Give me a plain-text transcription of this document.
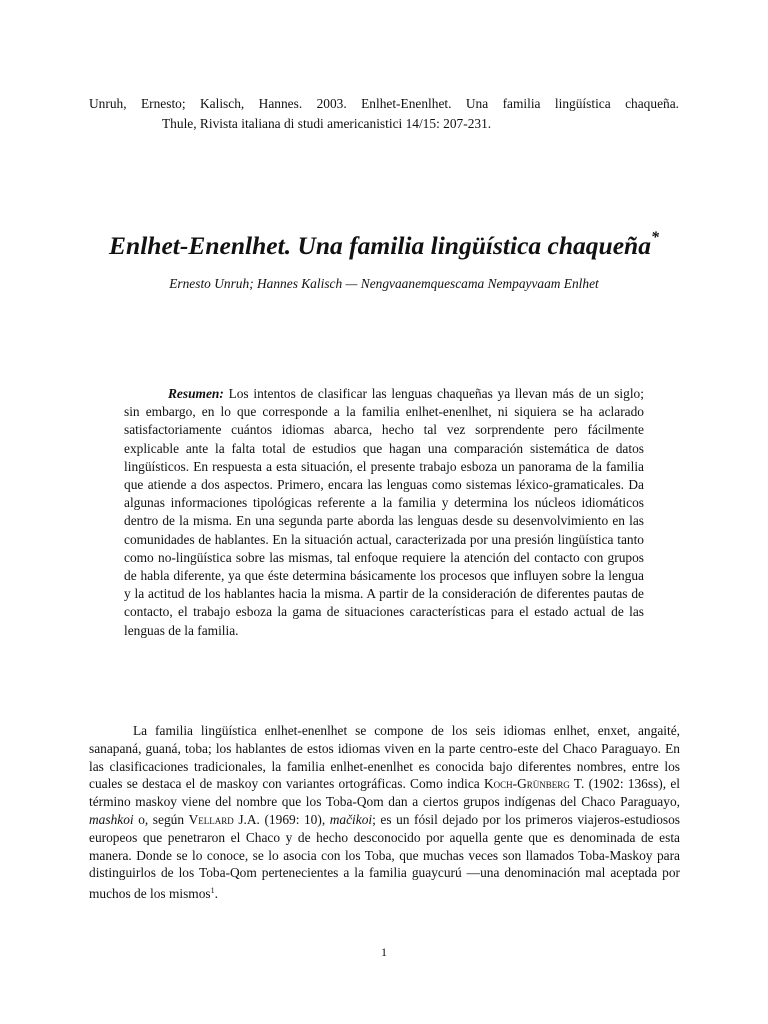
Unruh, Ernesto; Kalisch, Hannes. 2003. Enlhet-Enenlhet. Una familia lingüística chaqueña.
Thule, Rivista italiana di studi americanistici 14/15: 207-231.
Enlhet-Enenlhet. Una familia lingüística chaqueña*
Ernesto Unruh; Hannes Kalisch — Nengvaanemquescama Nempayvaam Enlhet

Resumen: Los intentos de clasificar las lenguas chaqueñas ya llevan más de un siglo; sin embargo, en lo que corresponde a la familia enlhet-enenlhet, ni siquiera se ha aclarado satisfactoriamente cuántos idiomas abarca, hecho tal vez sorprendente pero fácilmente explicable ante la falta total de estudios que hagan una comparación sistemática de datos lingüísticos. En respuesta a esta situación, el presente trabajo esboza un panorama de la familia que atiende a dos aspectos. Primero, encara las lenguas como sistemas léxico-gramaticales. Da algunas informaciones tipológicas referente a la familia y determina los núcleos idiomáticos dentro de la misma. En una segunda parte aborda las lenguas desde su desenvolvimiento en las comunidades de hablantes. En la situación actual, caracterizada por una presión lingüística tanto como no-lingüística sobre las mismas, tal enfoque requiere la atención del contacto con grupos de habla diferente, ya que éste determina básicamente los procesos que influyen sobre la lengua y la actitud de los hablantes hacia la misma. A partir de la consideración de diferentes pautas de contacto, el trabajo esboza la gama de situaciones características para el estado actual de las lenguas de la familia.

La familia lingüística enlhet-enenlhet se compone de los seis idiomas enlhet, enxet, angaité, sanapaná, guaná, toba; los hablantes de estos idiomas viven en la parte centro-este del Chaco Paraguayo. En las clasificaciones tradicionales, la familia enlhet-enenlhet es conocida bajo diferentes nombres, entre los cuales se destaca el de maskoy con variantes ortográficas. Como indica Koch-Grünberg T. (1902: 136ss), el término maskoy viene del nombre que los Toba-Qom dan a ciertos grupos indígenas del Chaco Paraguayo, mashkoi o, según Vellard J.A. (1969: 10), mačikoi; es un fósil dejado por los primeros viajeros-estudiosos europeos que penetraron el Chaco y de hecho desconocido por aquella gente que es denominada de esta manera. Donde se lo conoce, se lo asocia con los Toba, que muchas veces son llamados Toba-Maskoy para distinguirlos de los Toba-Qom pertenecientes a la familia guaycurú —una denominación mal aceptada por muchos de los mismos$^1$.

1
